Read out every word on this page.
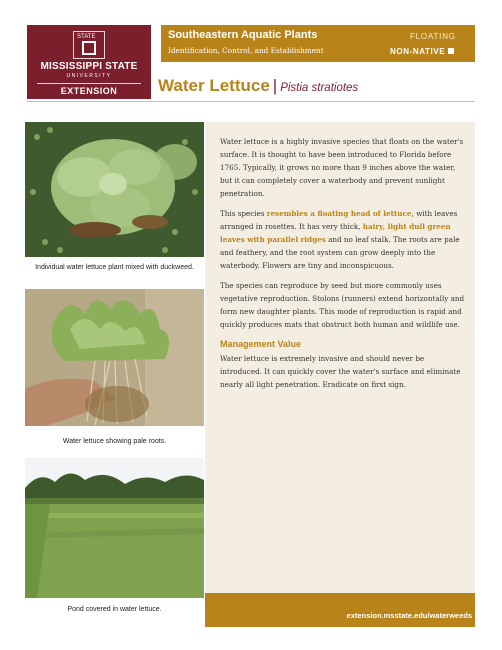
STATE
MISSISSIPPI STATE
UNIVERSITY
EXTENSION
Southeastern Aquatic Plants
Identification, Control, and Establishment
FLOATING
NON-NATIVE
Water Lettuce | Pistia stratiotes
Individual water lettuce plant mixed with duckweed.
Water lettuce showing pale roots.
Pond covered in water lettuce.

Water lettuce is a highly invasive species that floats on the water's surface. It is thought to have been introduced to Florida before 1765. Typically, it grows no more than 9 inches above the water, but it can completely cover a waterbody and prevent sunlight penetration.

This species resembles a floating head of lettuce, with leaves arranged in rosettes. It has very thick, hairy, light dull green leaves with parallel ridges and no leaf stalk. The roots are pale and feathery, and the root system can grow deeply into the waterbody. Flowers are tiny and inconspicuous.

The species can reproduce by seed but more commonly uses vegetative reproduction. Stolons (runners) extend horizontally and form new daughter plants. This mode of reproduction is rapid and quickly produces mats that obstruct both human and wildlife use.

Management Value

Water lettuce is extremely invasive and should never be introduced. It can quickly cover the water's surface and eliminate nearly all light penetration. Eradicate on first sign.

extension.msstate.edu/waterweeds
